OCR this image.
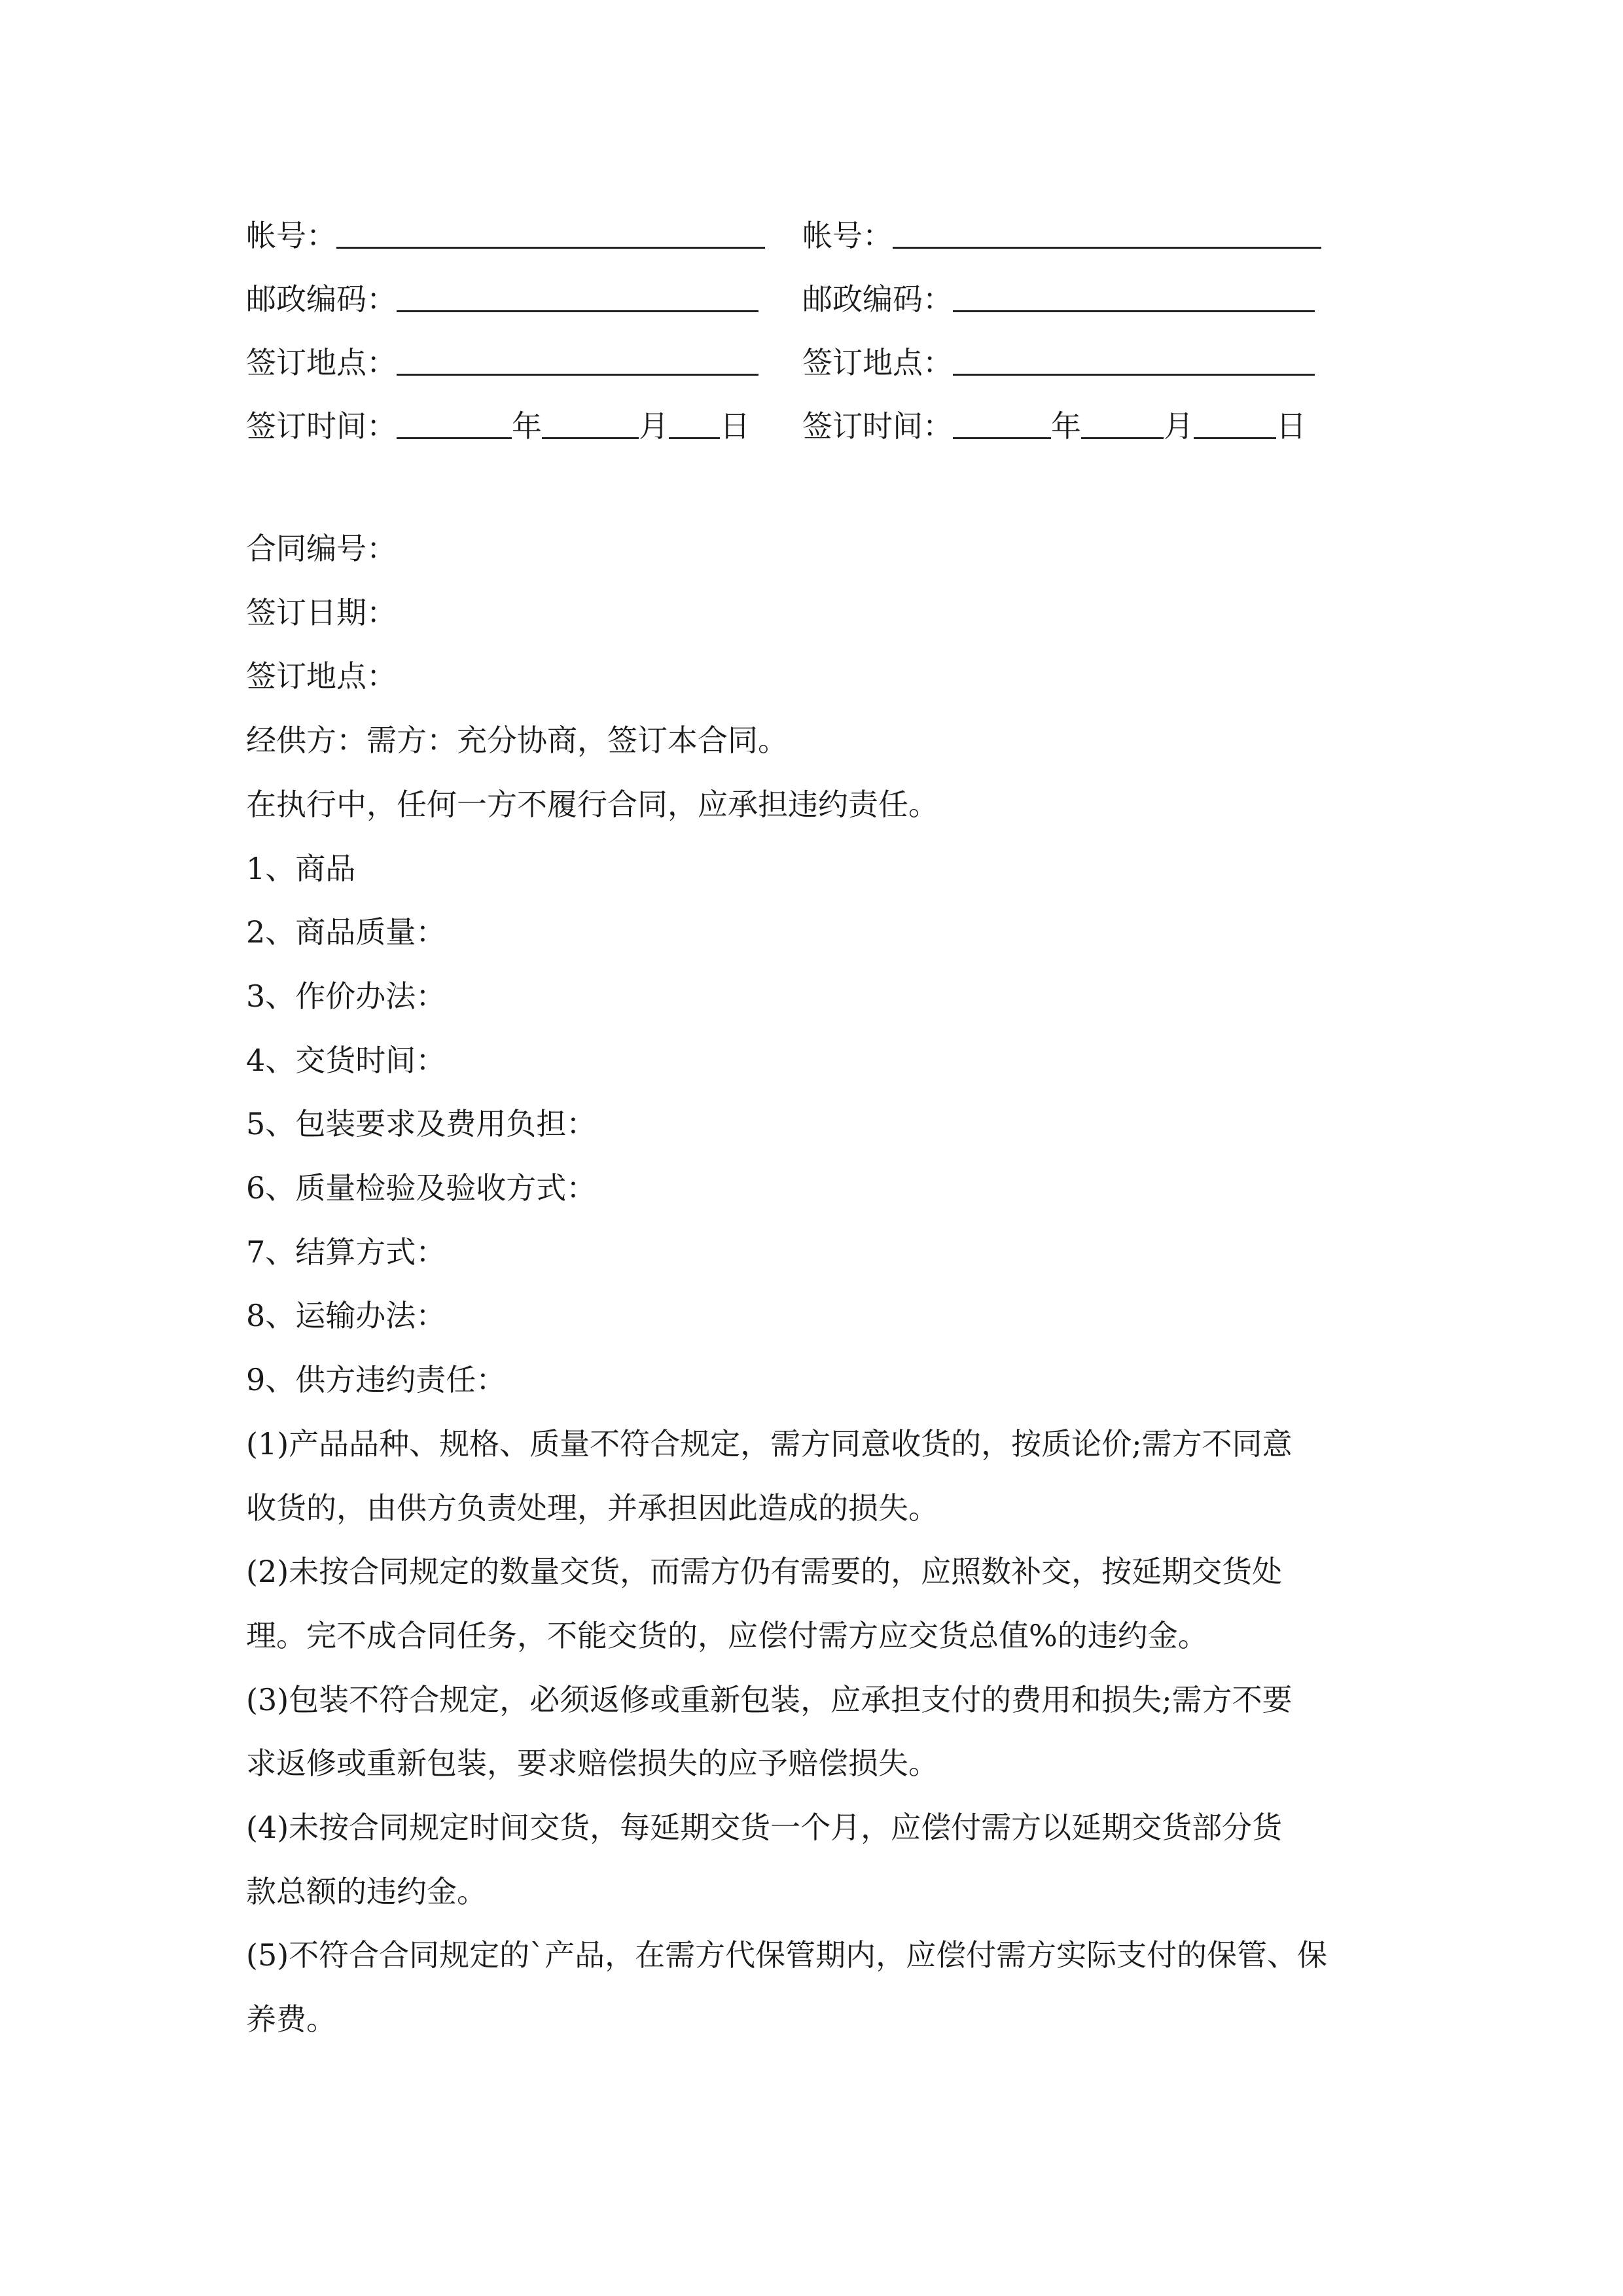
帐号：	帐号：
邮政编码：	邮政编码：
签订地点：	签订地点：
签订时间：	年	月 日 签订时间：	年	月	日

合同编号：

签订日期：

签订地点：

经供方：需方：充分协商，签订本合同。

在执行中，任何一方不履行合同，应承担违约责任。

1、商品

2、商品质量：

3、作价办法：

4、交货时间：

5、包装要求及费用负担：

6、质量检验及验收方式：

7、结算方式：

8、运输办法：

9、供方违约责任：

(1)产品品种、规格、质量不符合规定，需方同意收货的，按质论价;需方不同意

收货的，由供方负责处理，并承担因此造成的损失。

(2)未按合同规定的数量交货，而需方仍有需要的，应照数补交，按延期交货处

理。完不成合同任务，不能交货的，应偿付需方应交货总值%的违约金。

(3)包装不符合规定，必须返修或重新包装，应承担支付的费用和损失;需方不要

求返修或重新包装，要求赔偿损失的应予赔偿损失。

(4)未按合同规定时间交货，每延期交货一个月，应偿付需方以延期交货部分货

款总额的违约金。

(5)不符合合同规定的`产品，在需方代保管期内，应偿付需方实际支付的保管、保

养费。
